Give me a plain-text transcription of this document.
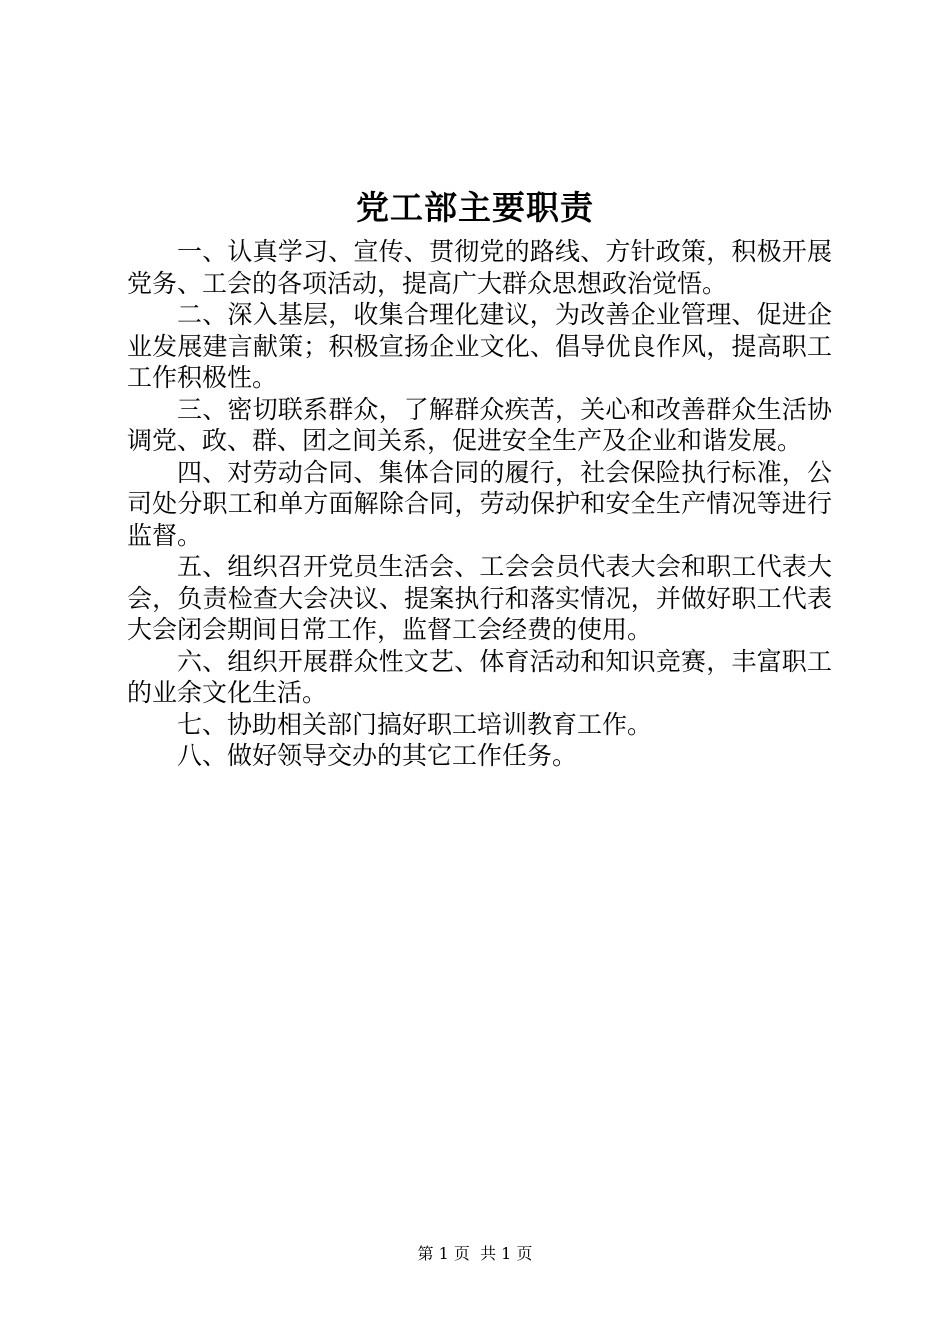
党工部主要职责

一、认真学习、宣传、贯彻党的路线、方针政策，积极开展党务、工会的各项活动，提高广大群众思想政治觉悟。

二、深入基层，收集合理化建议，为改善企业管理、促进企业发展建言献策；积极宣扬企业文化、倡导优良作风，提高职工工作积极性。

三、密切联系群众，了解群众疾苦，关心和改善群众生活协调党、政、群、团之间关系，促进安全生产及企业和谐发展。

四、对劳动合同、集体合同的履行，社会保险执行标准，公司处分职工和单方面解除合同，劳动保护和安全生产情况等进行监督。

五、组织召开党员生活会、工会会员代表大会和职工代表大会，负责检查大会决议、提案执行和落实情况，并做好职工代表大会闭会期间日常工作，监督工会经费的使用。

六、组织开展群众性文艺、体育活动和知识竞赛，丰富职工的业余文化生活。

七、协助相关部门搞好职工培训教育工作。

八、做好领导交办的其它工作任务。

第 1 页 共 1 页
